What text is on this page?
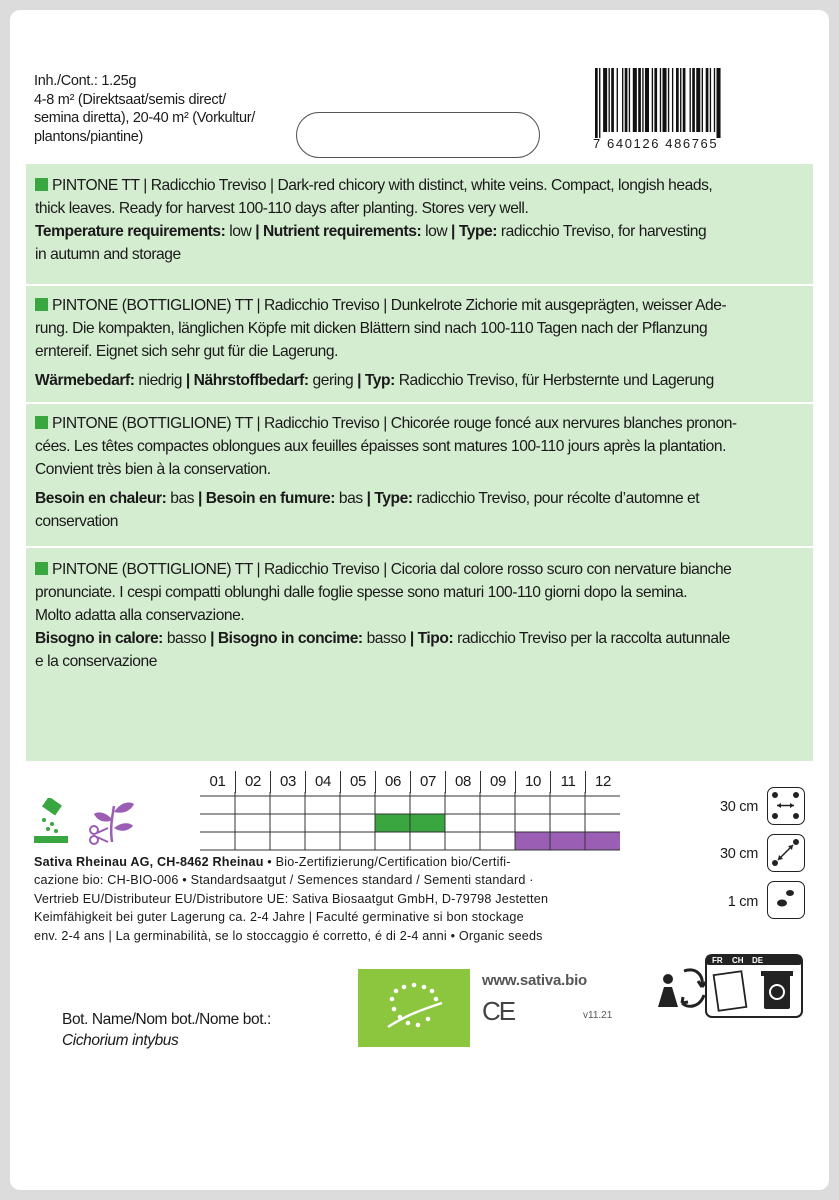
Inh./Cont.: 1.25g
4-8 m² (Direktsaat/semis direct/
semina diretta), 20-40 m² (Vorkultur/
plantons/piantine)	7 640126 486765

PINTONE TT | Radicchio Treviso | Dark-red chicory with distinct, white veins. Compact, longish heads,

thick leaves. Ready for harvest 100-110 days after planting. Stores very well.

Temperature requirements: low | Nutrient requirements: low | Type: radicchio Treviso, for harvesting

in autumn and storage

PINTONE (BOTTIGLIONE) TT | Radicchio Treviso | Dunkelrote Zichorie mit ausgeprägten, weisser Ade-

rung. Die kompakten, länglichen Köpfe mit dicken Blättern sind nach 100-110 Tagen nach der Pflanzung

erntereif. Eignet sich sehr gut für die Lagerung.

Wärmebedarf: niedrig | Nährstoffbedarf: gering | Typ: Radicchio Treviso, für Herbsternte und Lagerung

PINTONE (BOTTIGLIONE) TT | Radicchio Treviso | Chicorée rouge foncé aux nervures blanches pronon-

cées. Les têtes compactes oblongues aux feuilles épaisses sont matures 100-110 jours après la plantation.

Convient très bien à la conservation.

Besoin en chaleur: bas | Besoin en fumure: bas | Type: radicchio Treviso, pour récolte d’automne et

conservation

PINTONE (BOTTIGLIONE) TT | Radicchio Treviso | Cicoria dal colore rosso scuro con nervature bianche

pronunciate. I cespi compatti oblunghi dalle foglie spesse sono maturi 100-110 giorni dopo la semina.

Molto adatta alla conservazione.

Bisogno in calore: basso | Bisogno in concime: basso | Tipo: radicchio Treviso per la raccolta autunnale

e la conservazione

01	02	03	04	05	06	07	08	09	10	11	12
30 cm
30 cm
1 cm
Sativa Rheinau AG, CH-8462 Rheinau • Bio-Zertifizierung/Certification bio/Certifi-
cazione bio: CH-BIO-006 • Standardsaatgut / Semences standard / Sementi standard ·
Vertrieb EU/Distributeur EU/Distributore UE: Sativa Biosaatgut GmbH, D-79798 Jestetten
Keimfähigkeit bei guter Lagerung ca. 2-4 Jahre | Faculté germinative si bon stockage
env. 2-4 ans | La germinabilità, se lo stoccaggio é corretto, é di 2-4 anni • Organic seeds
www.sativa.bio
CE	v11.21
Bot. Name/Nom bot./Nome bot.:
Cichorium intybus
FR CH DE
